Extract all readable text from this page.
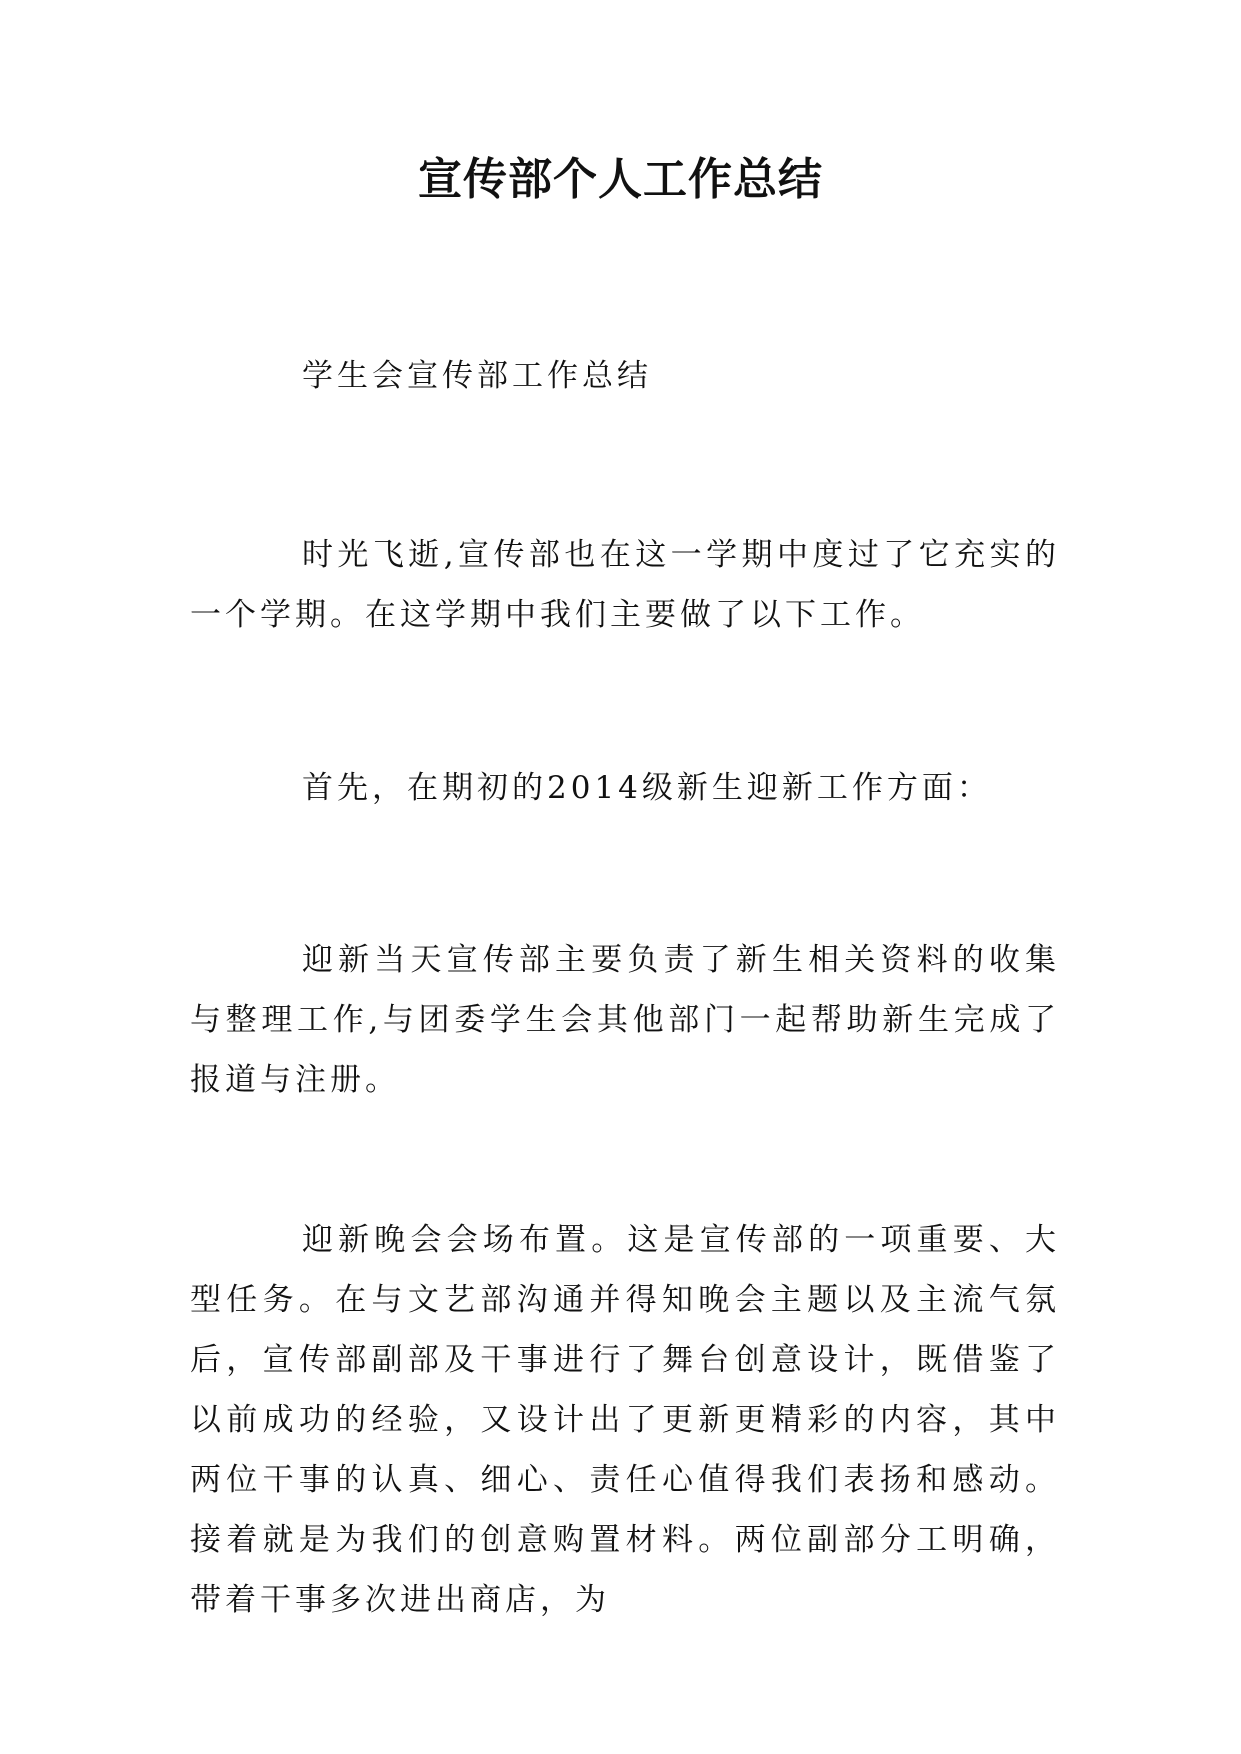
宣传部个人工作总结

学生会宣传部工作总结

时光飞逝,宣传部也在这一学期中度过了它充实的一个学期。在这学期中我们主要做了以下工作。

首先，在期初的2014级新生迎新工作方面：

迎新当天宣传部主要负责了新生相关资料的收集与整理工作,与团委学生会其他部门一起帮助新生完成了报道与注册。

迎新晚会会场布置。这是宣传部的一项重要、大型任务。在与文艺部沟通并得知晚会主题以及主流气氛后，宣传部副部及干事进行了舞台创意设计，既借鉴了以前成功的经验，又设计出了更新更精彩的内容，其中两位干事的认真、细心、责任心值得我们表扬和感动。接着就是为我们的创意购置材料。两位副部分工明确，带着干事多次进出商店，为
